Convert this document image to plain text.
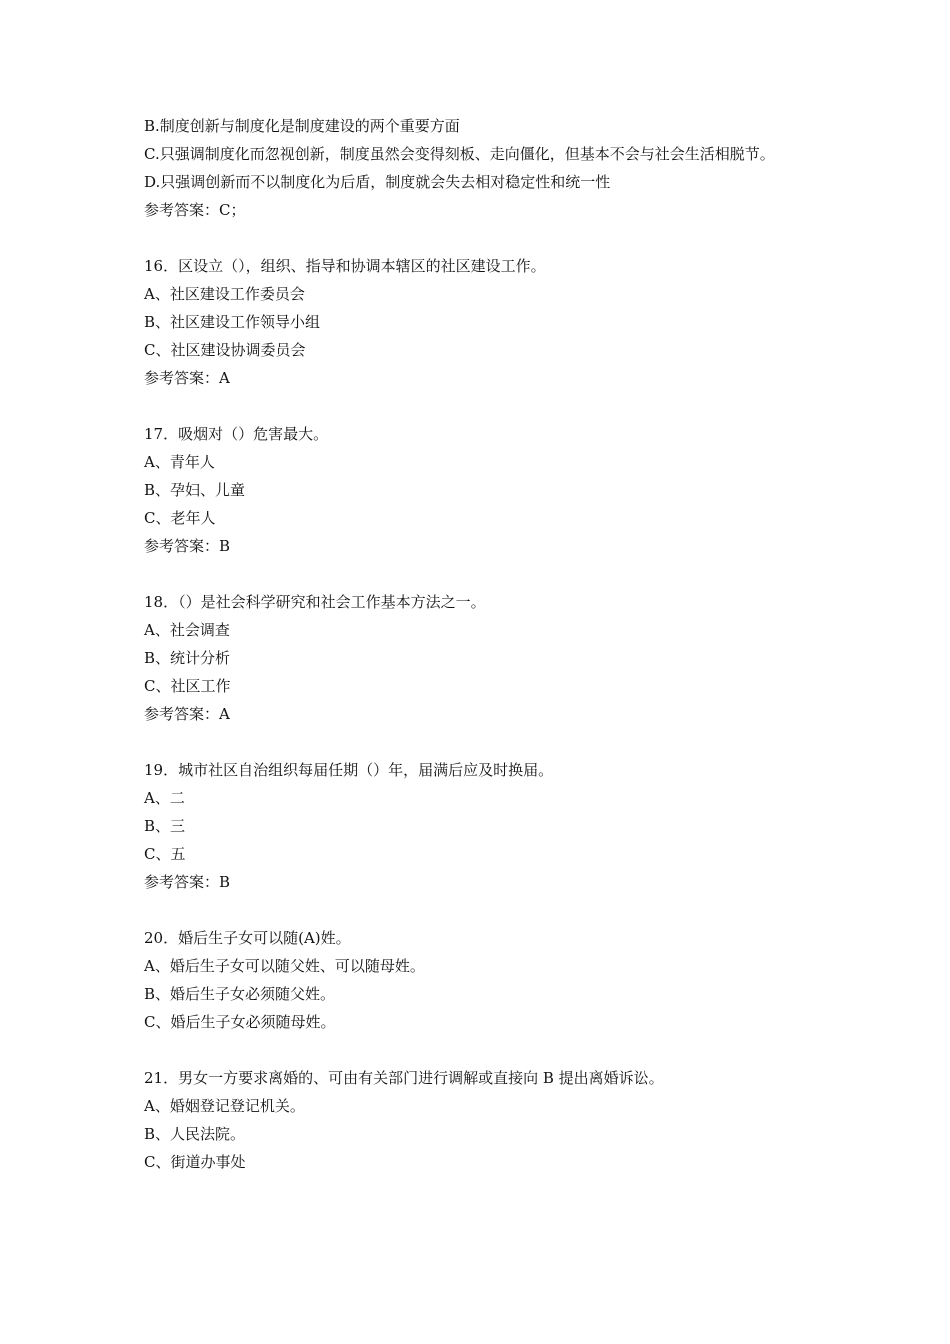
B.制度创新与制度化是制度建设的两个重要方面
C.只强调制度化而忽视创新，制度虽然会变得刻板、走向僵化，但基本不会与社会生活相脱节。
D.只强调创新而不以制度化为后盾，制度就会失去相对稳定性和统一性
参考答案：C；
16．区设立（），组织、指导和协调本辖区的社区建设工作。
A、社区建设工作委员会
B、社区建设工作领导小组
C、社区建设协调委员会
参考答案：A
17．吸烟对（）危害最大。
A、青年人
B、孕妇、儿童
C、老年人
参考答案：B
18．（）是社会科学研究和社会工作基本方法之一。
A、社会调查
B、统计分析
C、社区工作
参考答案：A
19．城市社区自治组织每届任期（）年，届满后应及时换届。
A、二
B、三
C、五
参考答案：B
20．婚后生子女可以随(A)姓。
A、婚后生子女可以随父姓、可以随母姓。
B、婚后生子女必须随父姓。
C、婚后生子女必须随母姓。
21．男女一方要求离婚的、可由有关部门进行调解或直接向 B 提出离婚诉讼。
A、婚姻登记登记机关。
B、人民法院。
C、街道办事处
